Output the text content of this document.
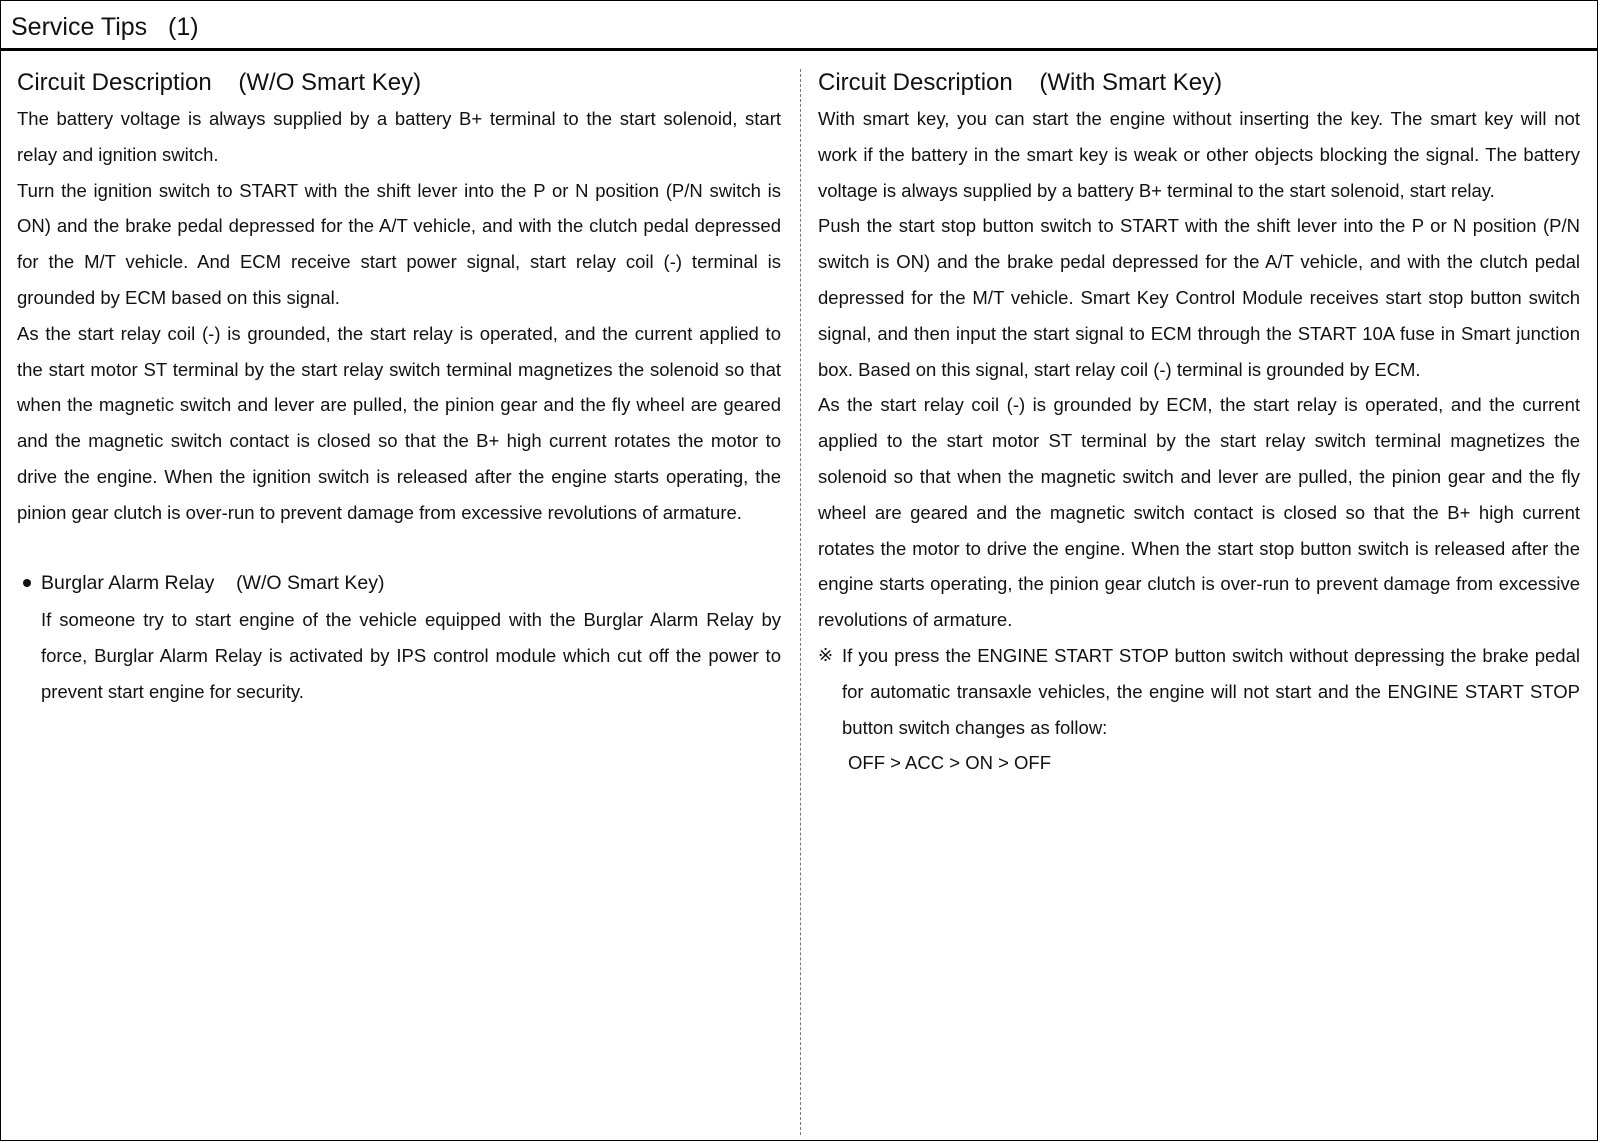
Service Tips   (1)
Circuit Description    (W/O Smart Key)

The battery voltage is always supplied by a battery B+ terminal to the start solenoid, start relay and ignition switch.

Turn the ignition switch to START with the shift lever into the P or N position (P/N switch is ON) and the brake pedal depressed for the A/T vehicle, and with the clutch pedal depressed for the M/T vehicle. And ECM receive start power signal, start relay coil (-) terminal is grounded by ECM based on this signal.

As the start relay coil (-) is grounded, the start relay is operated, and the current applied to the start motor ST terminal by the start relay switch terminal magnetizes the solenoid so that when the magnetic switch and lever are pulled, the pinion gear and the fly wheel are geared and the magnetic switch contact is closed so that the B+ high current rotates the motor to drive the engine. When the ignition switch is released after the engine starts operating, the pinion gear clutch is over-run to prevent damage from excessive revolutions of armature.

Burglar Alarm Relay    (W/O Smart Key)

If someone try to start engine of the vehicle equipped with the Burglar Alarm Relay by force, Burglar Alarm Relay is activated by IPS control module which cut off the power to prevent start engine for security.

Circuit Description    (With Smart Key)

With smart key, you can start the engine without inserting the key. The smart key will not work if the battery in the smart key is weak or other objects blocking the signal. The battery voltage is always supplied by a battery B+ terminal to the start solenoid, start relay.

Push the start stop button switch to START with the shift lever into the P or N position (P/N switch is ON) and the brake pedal depressed for the A/T vehicle, and with the clutch pedal depressed for the M/T vehicle. Smart Key Control Module receives start stop button switch signal, and then input the start signal to ECM through the START 10A fuse in Smart junction box. Based on this signal, start relay coil (-) terminal is grounded by ECM.

As the start relay coil (-) is grounded by ECM, the start relay is operated, and the current applied to the start motor ST terminal by the start relay switch terminal magnetizes the solenoid so that when the magnetic switch and lever are pulled, the pinion gear and the fly wheel are geared and the magnetic switch contact is closed so that the B+ high current rotates the motor to drive the engine. When the start stop button switch is released after the engine starts operating, the pinion gear clutch is over-run to prevent damage from excessive revolutions of armature.

※ If you press the ENGINE START STOP button switch without depressing the brake pedal for automatic transaxle vehicles, the engine will not start and the ENGINE START STOP button switch changes as follow:

OFF > ACC > ON > OFF
